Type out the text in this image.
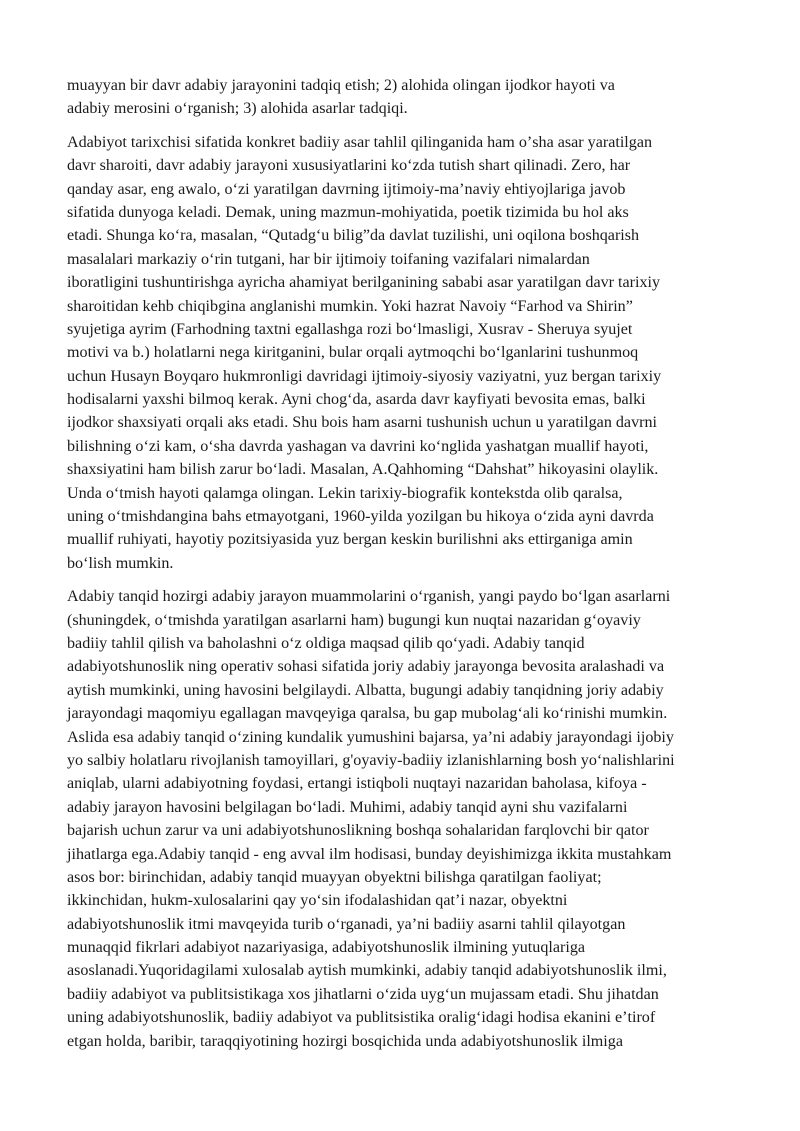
muayyan bir davr adabiy jarayonini tadqiq etish; 2) alohida olingan ijodkor hayoti va
adabiy merosini oʻrganish; 3) alohida asarlar tadqiqi.

Adabiyot tarixchisi sifatida konkret badiiy asar tahlil qilinganida ham oʼsha asar yaratilgan
davr sharoiti, davr adabiy jarayoni xususiyatlarini koʻzda tutish shart qilinadi. Zero, har
qanday asar, eng awalo, oʻzi yaratilgan davrning ijtimoiy-maʼnaviy ehtiyojlariga javob
sifatida dunyoga keladi. Demak, uning mazmun-mohiyatida, poetik tizimida bu hol aks
etadi. Shunga koʻra, masalan, “Qutadgʻu bilig”da davlat tuzilishi, uni oqilona boshqarish
masalalari markaziy oʻrin tutgani, har bir ijtimoiy toifaning vazifalari nimalardan
iboratligini tushuntirishga ayricha ahamiyat berilganining sababi asar yaratilgan davr tarixiy
sharoitidan kehb chiqibgina anglanishi mumkin. Yoki hazrat Navoiy “Farhod va Shirin”
syujetiga ayrim (Farhodning taxtni egallashga rozi boʻlmasligi, Xusrav - Sheruya syujet
motivi va b.) holatlarni nega kiritganini, bular orqali aytmoqchi boʻlganlarini tushunmoq
uchun Husayn Boyqaro hukmronligi davridagi ijtimoiy-siyosiy vaziyatni, yuz bergan tarixiy
hodisalarni yaxshi bilmoq kerak. Ayni chogʻda, asarda davr kayfiyati bevosita emas, balki
ijodkor shaxsiyati orqali aks etadi. Shu bois ham asarni tushunish uchun u yaratilgan davrni
bilishning oʻzi kam, oʻsha davrda yashagan va davrini koʻnglida yashatgan muallif hayoti,
shaxsiyatini ham bilish zarur boʻladi. Masalan, A.Qahhoming “Dahshat” hikoyasini olaylik.
Unda oʻtmish hayoti qalamga olingan. Lekin tarixiy-biografik kontekstda olib qaralsa,
uning oʻtmishdangina bahs etmayotgani, 1960-yilda yozilgan bu hikoya oʻzida ayni davrda
muallif ruhiyati, hayotiy pozitsiyasida yuz bergan keskin burilishni aks ettirganiga amin
boʻlish mumkin.

Adabiy tanqid hozirgi adabiy jarayon muammolarini oʻrganish, yangi paydo boʻlgan asarlarni
(shuningdek, oʻtmishda yaratilgan asarlarni ham) bugungi kun nuqtai nazaridan gʻoyaviy
badiiy tahlil qilish va baholashni oʻz oldiga maqsad qilib qoʻyadi. Adabiy tanqid
adabiyotshunoslik ning operativ sohasi sifatida joriy adabiy jarayonga bevosita aralashadi va
aytish mumkinki, uning havosini belgilaydi. Albatta, bugungi adabiy tanqidning joriy adabiy
jarayondagi maqomiyu egallagan mavqeyiga qaralsa, bu gap mubolagʻali koʻrinishi mumkin.
Aslida esa adabiy tanqid oʻzining kundalik yumushini bajarsa, yaʼni adabiy jarayondagi ijobiy
yo salbiy holatlaru rivojlanish tamoyillari, g'oyaviy-badiiy izlanishlarning bosh yoʻnalishlarini
aniqlab, ularni adabiyotning foydasi, ertangi istiqboli nuqtayi nazaridan baholasa, kifoya -
adabiy jarayon havosini belgilagan boʻladi. Muhimi, adabiy tanqid ayni shu vazifalarni
bajarish uchun zarur va uni adabiyotshunoslikning boshqa sohalaridan farqlovchi bir qator
jihatlarga ega.Adabiy tanqid - eng avval ilm hodisasi, bunday deyishimizga ikkita mustahkam
asos bor: birinchidan, adabiy tanqid muayyan obyektni bilishga qaratilgan faoliyat;
ikkinchidan, hukm-xulosalarini qay yoʻsin ifodalashidan qatʼi nazar, obyektni
adabiyotshunoslik itmi mavqeyida turib oʻrganadi, yaʼni badiiy asarni tahlil qilayotgan
munaqqid fikrlari adabiyot nazariyasiga, adabiyotshunoslik ilmining yutuqlariga
asoslanadi.Yuqoridagilami xulosalab aytish mumkinki, adabiy tanqid adabiyotshunoslik ilmi,
badiiy adabiyot va publitsistikaga xos jihatlarni oʻzida uygʻun mujassam etadi. Shu jihatdan
uning adabiyotshunoslik, badiiy adabiyot va publitsistika oraligʻidagi hodisa ekanini eʼtirof
etgan holda, baribir, taraqqiyotining hozirgi bosqichida unda adabiyotshunoslik ilmiga
